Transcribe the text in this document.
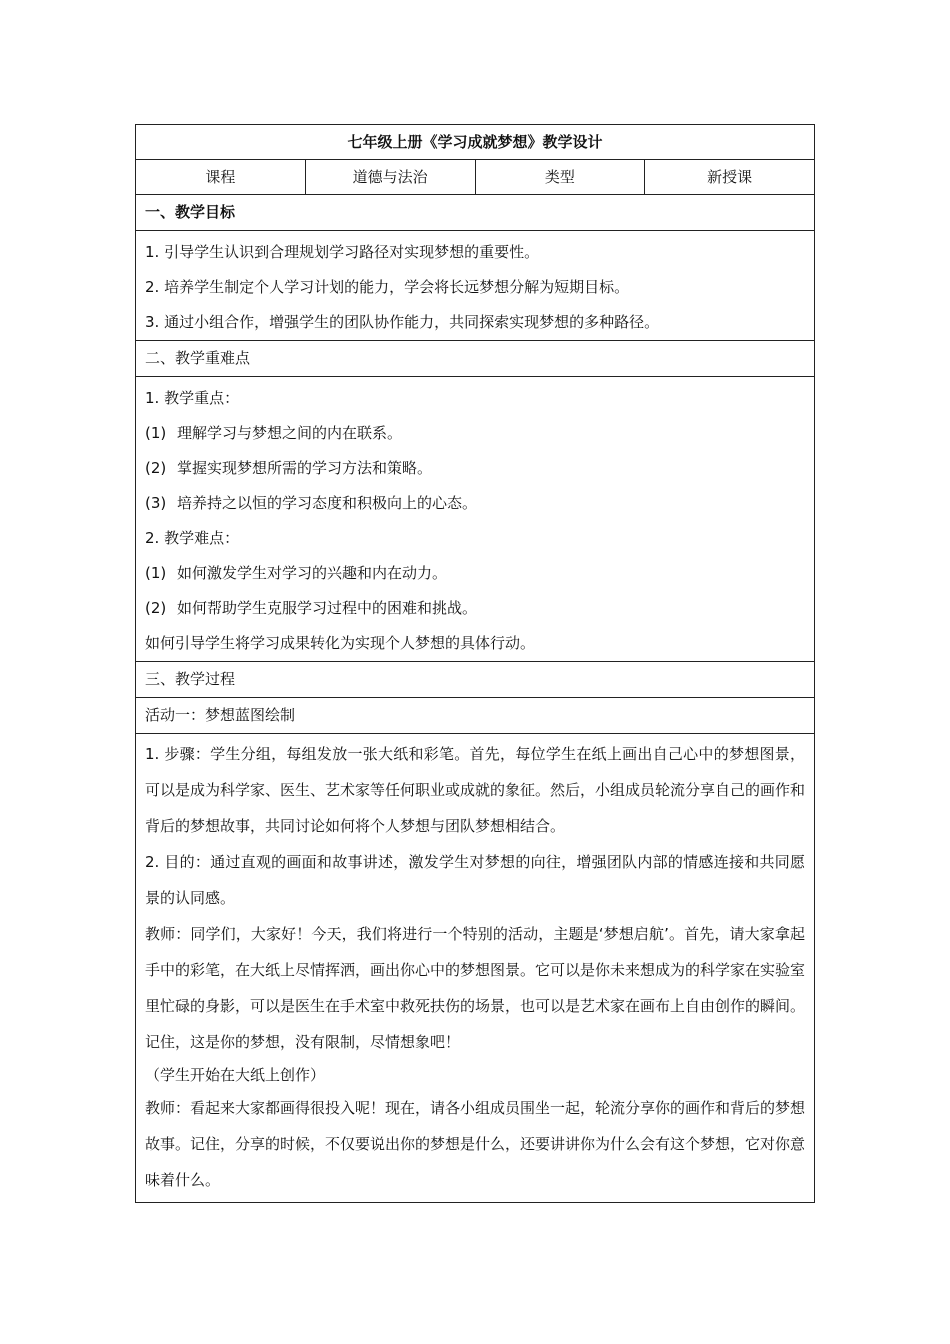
七年级上册《学习成就梦想》教学设计
课程	道德与法治	类型	新授课
一、教学目标

1. 引导学生认识到合理规划学习路径对实现梦想的重要性。

2. 培养学生制定个人学习计划的能力，学会将长远梦想分解为短期目标。

3. 通过小组合作，增强学生的团队协作能力，共同探索实现梦想的多种路径。

二、教学重难点

1. 教学重点：

(1) 理解学习与梦想之间的内在联系。

(2) 掌握实现梦想所需的学习方法和策略。

(3) 培养持之以恒的学习态度和积极向上的心态。

2. 教学难点：

(1) 如何激发学生对学习的兴趣和内在动力。

(2) 如何帮助学生克服学习过程中的困难和挑战。

如何引导学生将学习成果转化为实现个人梦想的具体行动。

三、教学过程
活动一：梦想蓝图绘制

1. 步骤：学生分组，每组发放一张大纸和彩笔。首先，每位学生在纸上画出自己心中的梦想图景，可以是成为科学家、医生、艺术家等任何职业或成就的象征。然后，小组成员轮流分享自己的画作和背后的梦想故事，共同讨论如何将个人梦想与团队梦想相结合。

2. 目的：通过直观的画面和故事讲述，激发学生对梦想的向往，增强团队内部的情感连接和共同愿景的认同感。

教师：同学们，大家好！今天，我们将进行一个特别的活动，主题是‘梦想启航’。首先，请大家拿起手中的彩笔，在大纸上尽情挥洒，画出你心中的梦想图景。它可以是你未来想成为的科学家在实验室里忙碌的身影，可以是医生在手术室中救死扶伤的场景，也可以是艺术家在画布上自由创作的瞬间。记住，这是你的梦想，没有限制，尽情想象吧！

（学生开始在大纸上创作）

教师：看起来大家都画得很投入呢！现在，请各小组成员围坐一起，轮流分享你的画作和背后的梦想故事。记住，分享的时候，不仅要说出你的梦想是什么，还要讲讲你为什么会有这个梦想，它对你意味着什么。
